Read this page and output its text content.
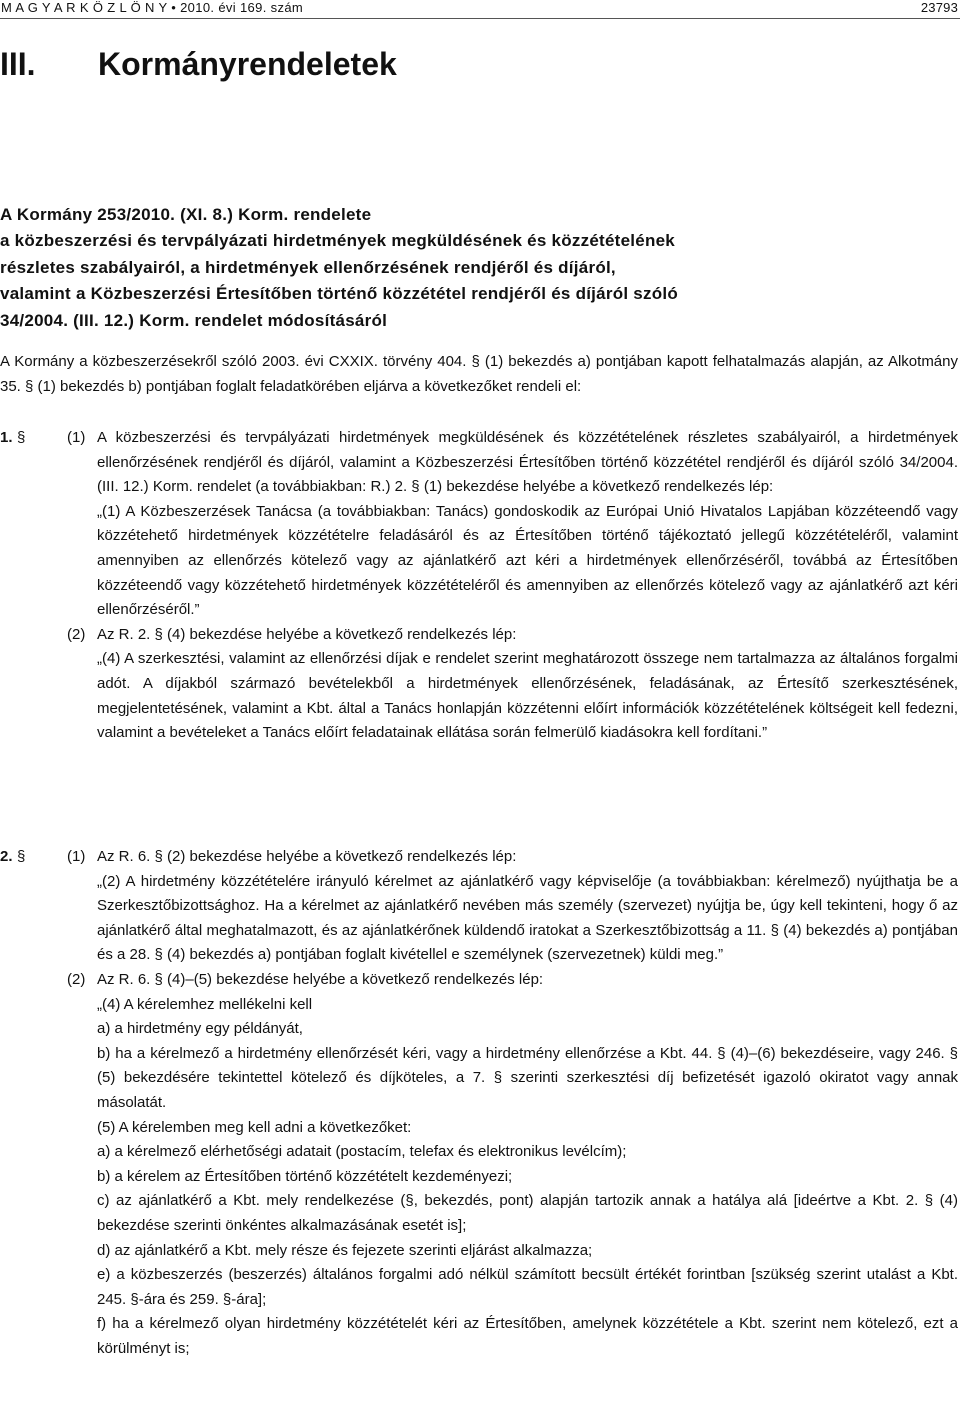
M A G Y A R K Ö Z L Ö N Y • 2010. évi 169. szám	23793
III. Kormányrendeletek
A Kormány 253/2010. (XI. 8.) Korm. rendelete
a közbeszerzési és tervpályázati hirdetmények megküldésének és közzétételének
részletes szabályairól, a hirdetmények ellenőrzésének rendjéről és díjáról,
valamint a Közbeszerzési Értesítőben történő közzététel rendjéről és díjáról szóló
34/2004. (III. 12.) Korm. rendelet módosításáról
A Kormány a közbeszerzésekről szóló 2003. évi CXXIX. törvény 404. § (1) bekezdés a) pontjában kapott felhatalmazás alapján, az Alkotmány 35. § (1) bekezdés b) pontjában foglalt feladatkörében eljárva a következőket rendeli el:
1. §	(1) A közbeszerzési és tervpályázati hirdetmények megküldésének és közzétételének részletes szabályairól, a hirdetmények ellenőrzésének rendjéről és díjáról, valamint a Közbeszerzési Értesítőben történő közzététel rendjéről és díjáról szóló 34/2004. (III. 12.) Korm. rendelet (a továbbiakban: R.) 2. § (1) bekezdése helyébe a következő rendelkezés lép:

„(1) A Közbeszerzések Tanácsa (a továbbiakban: Tanács) gondoskodik az Európai Unió Hivatalos Lapjában közzéteendő vagy közzétehető hirdetmények közzétételre feladásáról és az Értesítőben történő tájékoztató jellegű közzétételéről, valamint amennyiben az ellenőrzés kötelező vagy az ajánlatkérő azt kéri a hirdetmények ellenőrzéséről, továbbá az Értesítőben közzéteendő vagy közzétehető hirdetmények közzétételéről és amennyiben az ellenőrzés kötelező vagy az ajánlatkérő azt kéri ellenőrzéséről.”

(2) Az R. 2. § (4) bekezdése helyébe a következő rendelkezés lép:

„(4) A szerkesztési, valamint az ellenőrzési díjak e rendelet szerint meghatározott összege nem tartalmazza az általános forgalmi adót. A díjakból származó bevételekből a hirdetmények ellenőrzésének, feladásának, az Értesítő szerkesztésének, megjelentetésének, valamint a Kbt. által a Tanács honlapján közzétenni előírt információk közzétételének költségeit kell fedezni, valamint a bevételeket a Tanács előírt feladatainak ellátása során felmerülő kiadásokra kell fordítani.”

2. §	(1) Az R. 6. § (2) bekezdése helyébe a következő rendelkezés lép:

„(2) A hirdetmény közzétételére irányuló kérelmet az ajánlatkérő vagy képviselője (a továbbiakban: kérelmező) nyújthatja be a Szerkesztőbizottsághoz. Ha a kérelmet az ajánlatkérő nevében más személy (szervezet) nyújtja be, úgy kell tekinteni, hogy ő az ajánlatkérő által meghatalmazott, és az ajánlatkérőnek küldendő iratokat a Szerkesztőbizottság a 11. § (4) bekezdés a) pontjában és a 28. § (4) bekezdés a) pontjában foglalt kivétellel e személynek (szervezetnek) küldi meg.”

(2) Az R. 6. § (4)–(5) bekezdése helyébe a következő rendelkezés lép:

„(4) A kérelemhez mellékelni kell

a) a hirdetmény egy példányát,

b) ha a kérelmező a hirdetmény ellenőrzését kéri, vagy a hirdetmény ellenőrzése a Kbt. 44. § (4)–(6) bekezdéseire, vagy 246. § (5) bekezdésére tekintettel kötelező és díjköteles, a 7. § szerinti szerkesztési díj befizetését igazoló okiratot vagy annak másolatát.

(5) A kérelemben meg kell adni a következőket:

a) a kérelmező elérhetőségi adatait (postacím, telefax és elektronikus levélcím);

b) a kérelem az Értesítőben történő közzétételt kezdeményezi;

c) az ajánlatkérő a Kbt. mely rendelkezése (§, bekezdés, pont) alapján tartozik annak a hatálya alá [ideértve a Kbt. 2. § (4) bekezdése szerinti önkéntes alkalmazásának esetét is];

d) az ajánlatkérő a Kbt. mely része és fejezete szerinti eljárást alkalmazza;

e) a közbeszerzés (beszerzés) általános forgalmi adó nélkül számított becsült értékét forintban [szükség szerint utalást a Kbt. 245. §-ára és 259. §-ára];

f) ha a kérelmező olyan hirdetmény közzétételét kéri az Értesítőben, amelynek közzététele a Kbt. szerint nem kötelező, ezt a körülményt is;
